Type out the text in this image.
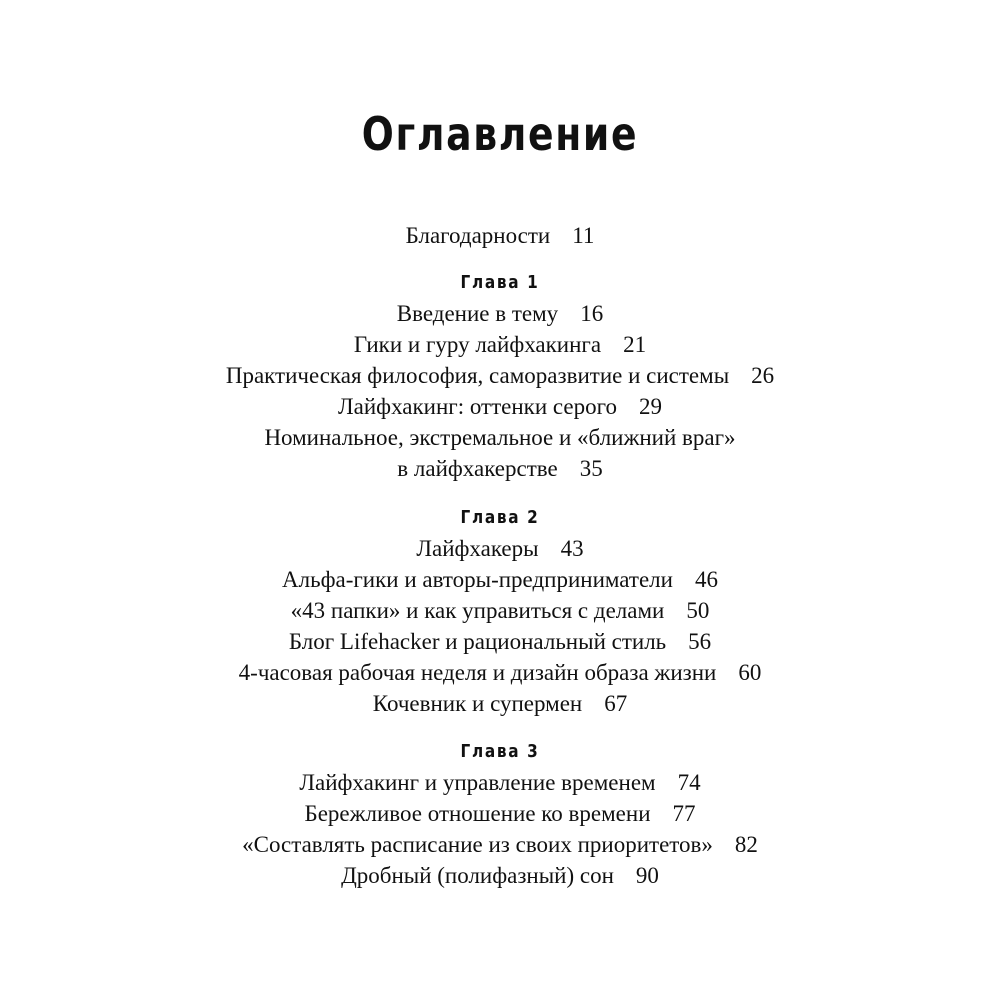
Оглавление
Благодарности 11
Глава 1
Введение в тему 16
Гики и гуру лайфхакинга 21
Практическая философия, саморазвитие и системы 26
Лайфхакинг: оттенки серого 29
Номинальное, экстремальное и «ближний враг»
в лайфхакерстве 35
Глава 2
Лайфхакеры 43
Альфа-гики и авторы-предприниматели 46
«43 папки» и как управиться с делами 50
Блог Lifehacker и рациональный стиль 56
4-часовая рабочая неделя и дизайн образа жизни 60
Кочевник и супермен 67
Глава 3
Лайфхакинг и управление временем 74
Бережливое отношение ко времени 77
«Составлять расписание из своих приоритетов» 82
Дробный (полифазный) сон 90
